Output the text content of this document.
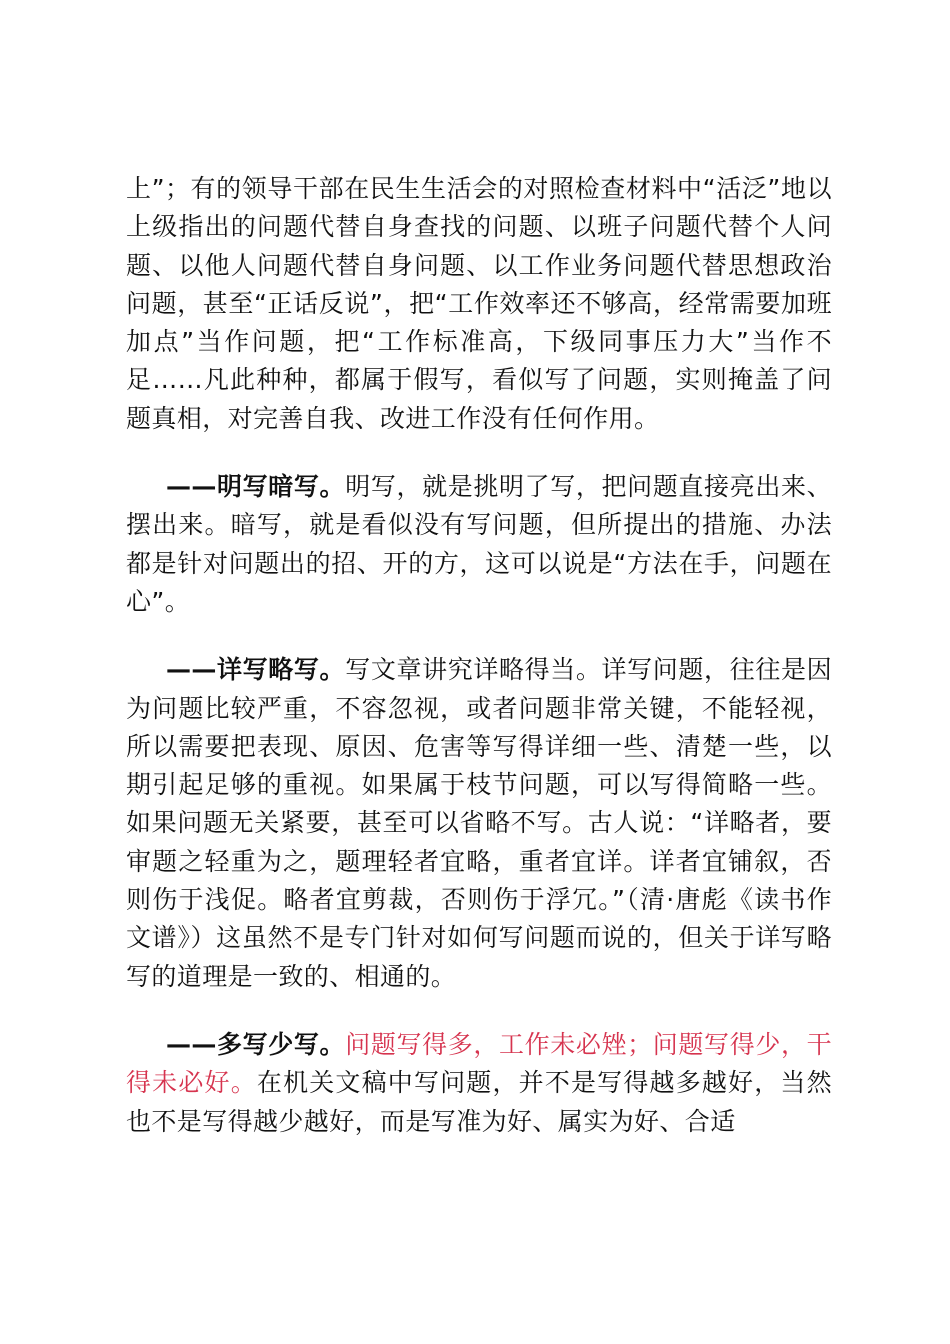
上”；有的领导干部在民生生活会的对照检查材料中“活泛”地以上级指出的问题代替自身查找的问题、以班子问题代替个人问题、以他人问题代替自身问题、以工作业务问题代替思想政治问题，甚至“正话反说”，把“工作效率还不够高，经常需要加班加点”当作问题，把“工作标准高，下级同事压力大”当作不足……凡此种种，都属于假写，看似写了问题，实则掩盖了问题真相，对完善自我、改进工作没有任何作用。

——明写暗写。明写，就是挑明了写，把问题直接亮出来、摆出来。暗写，就是看似没有写问题，但所提出的措施、办法都是针对问题出的招、开的方，这可以说是“方法在手，问题在心”。

——详写略写。写文章讲究详略得当。详写问题，往往是因为问题比较严重，不容忽视，或者问题非常关键，不能轻视，所以需要把表现、原因、危害等写得详细一些、清楚一些，以期引起足够的重视。如果属于枝节问题，可以写得简略一些。如果问题无关紧要，甚至可以省略不写。古人说：“详略者，要审题之轻重为之，题理轻者宜略，重者宜详。详者宜铺叙，否则伤于浅促。略者宜剪裁，否则伤于浮冗。”（清·唐彪《读书作文谱》）这虽然不是专门针对如何写问题而说的，但关于详写略写的道理是一致的、相通的。

——多写少写。问题写得多，工作未必矬；问题写得少，干得未必好。在机关文稿中写问题，并不是写得越多越好，当然也不是写得越少越好，而是写准为好、属实为好、合适
